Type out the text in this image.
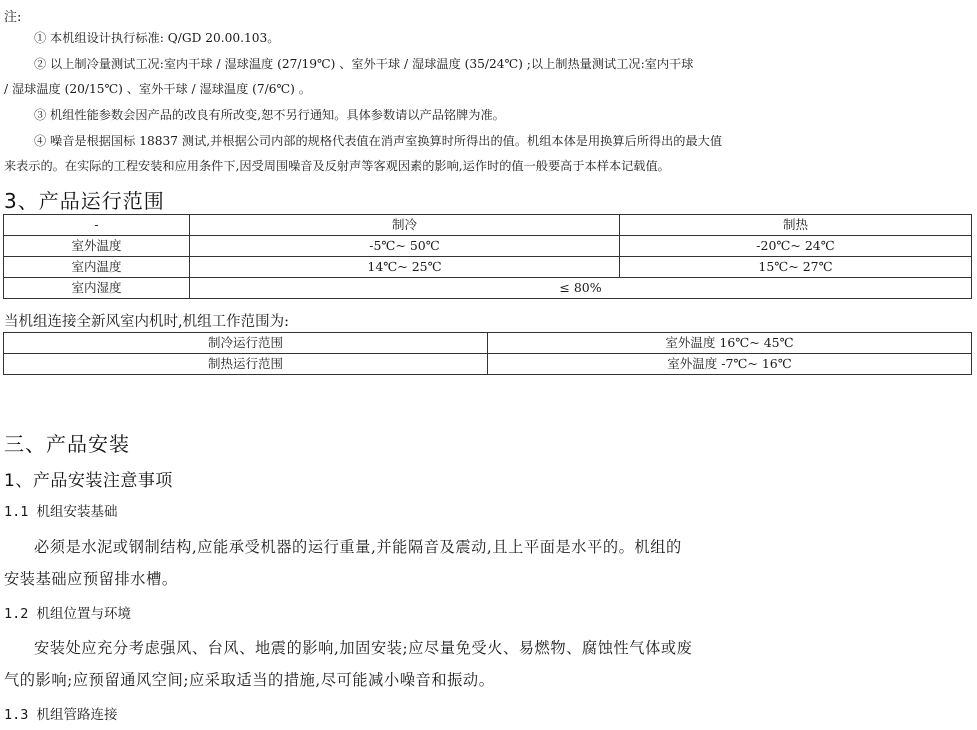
注:
① 本机组设计执行标准: Q/GD 20.00.103。
② 以上制冷量测试工况:室内干球 / 湿球温度 (27/19℃) 、室外干球 / 湿球温度 (35/24℃) ;以上制热量测试工况:室内干球
/ 湿球温度 (20/15℃) 、室外干球 / 湿球温度 (7/6℃) 。
③ 机组性能参数会因产品的改良有所改变,恕不另行通知。具体参数请以产品铭牌为准。
④ 噪音是根据国标 18837 测试,并根据公司内部的规格代表值在消声室换算时所得出的值。机组本体是用换算后所得出的最大值
来表示的。在实际的工程安装和应用条件下,因受周围噪音及反射声等客观因素的影响,运作时的值一般要高于本样本记载值。
3、产品运行范围
-	制冷	制热
室外温度	-5℃~ 50℃	-20℃~ 24℃
室内温度	14℃~ 25℃	15℃~ 27℃
室内湿度	≤ 80%	
当机组连接全新风室内机时,机组工作范围为:
制冷运行范围	室外温度 16℃~ 45℃
制热运行范围	室外温度 -7℃~ 16℃
三、产品安装
1、产品安装注意事项
1.1 机组安装基础
必须是水泥或钢制结构,应能承受机器的运行重量,并能隔音及震动,且上平面是水平的。机组的
安装基础应预留排水槽。
1.2 机组位置与环境
安装处应充分考虑强风、台风、地震的影响,加固安装;应尽量免受火、易燃物、腐蚀性气体或废
气的影响;应预留通风空间;应采取适当的措施,尽可能减小噪音和振动。
1.3 机组管路连接
